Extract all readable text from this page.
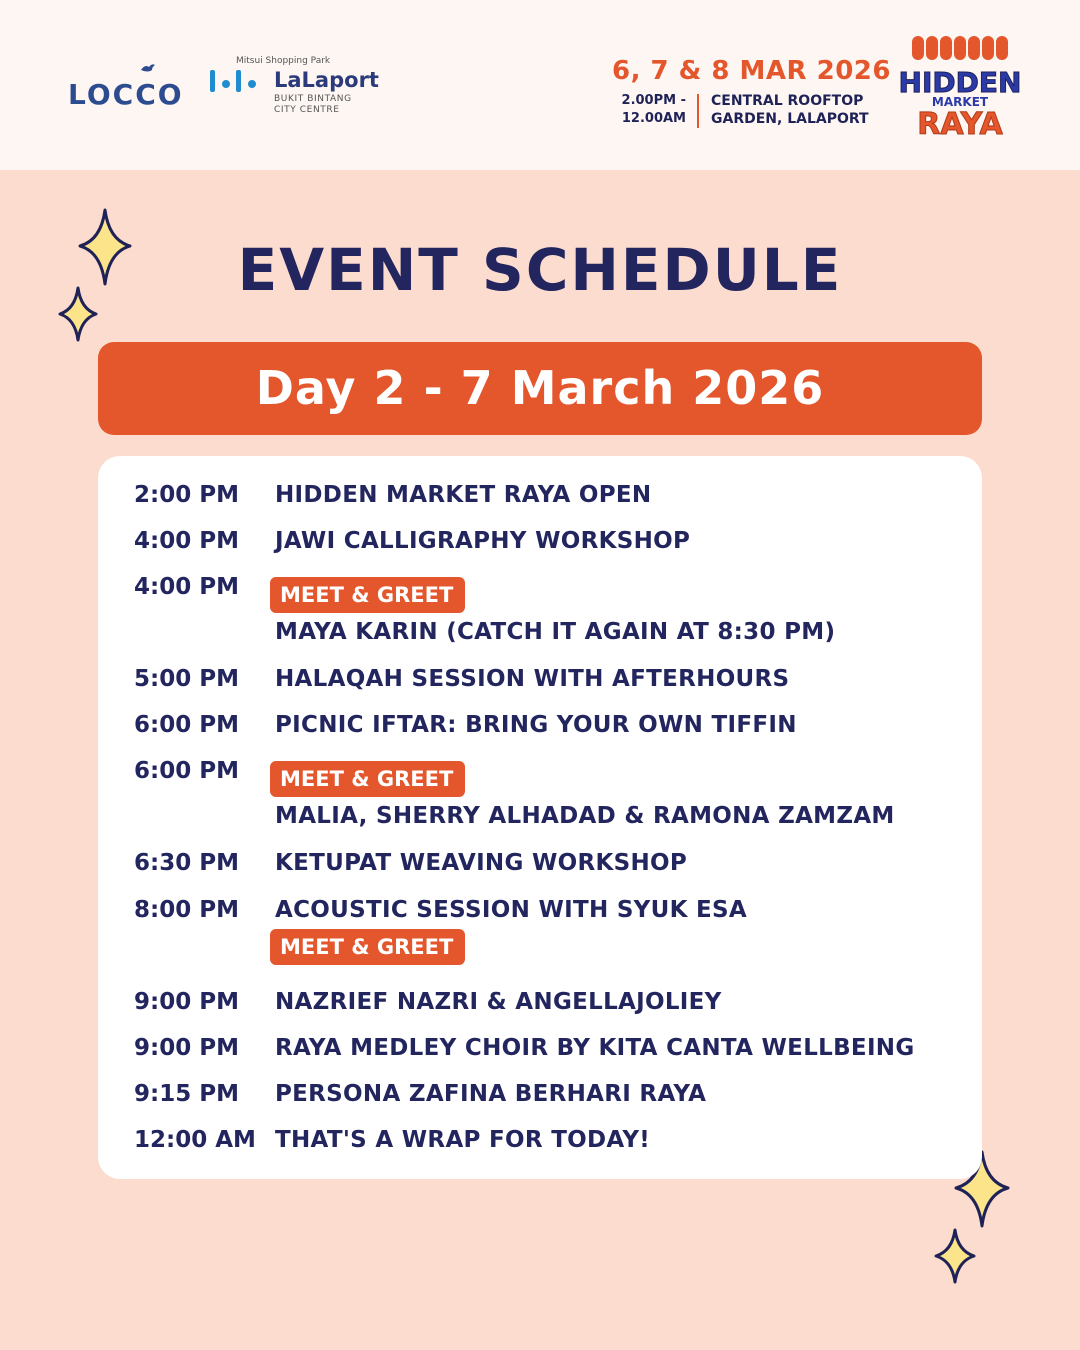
LOCCO
Mitsui Shopping Park
LaLaport
BUKIT BINTANG
CITY CENTRE
6, 7 & 8 MAR 2026
2.00PM -
12.00AM
CENTRAL ROOFTOP
GARDEN, LALAPORT
HIDDEN
MARKET
RAYA
EVENT SCHEDULE
Day 2 - 7 March 2026
2:00 PM HIDDEN MARKET RAYA OPEN
4:00 PM JAWI CALLIGRAPHY WORKSHOP
4:00 PM	MEET & GREET
MAYA KARIN (CATCH IT AGAIN AT 8:30 PM)
5:00 PM HALAQAH SESSION WITH AFTERHOURS
6:00 PM PICNIC IFTAR: BRING YOUR OWN TIFFIN
6:00 PM	MEET & GREET
MALIA, SHERRY ALHADAD & RAMONA ZAMZAM
6:30 PM KETUPAT WEAVING WORKSHOP
8:00 PM ACOUSTIC SESSION WITH SYUK ESA
MEET & GREET
9:00 PM NAZRIEF NAZRI & ANGELLAJOLIEY
9:00 PM RAYA MEDLEY CHOIR BY KITA CANTA WELLBEING
9:15 PM PERSONA ZAFINA BERHARI RAYA
12:00 AM THAT'S A WRAP FOR TODAY!
